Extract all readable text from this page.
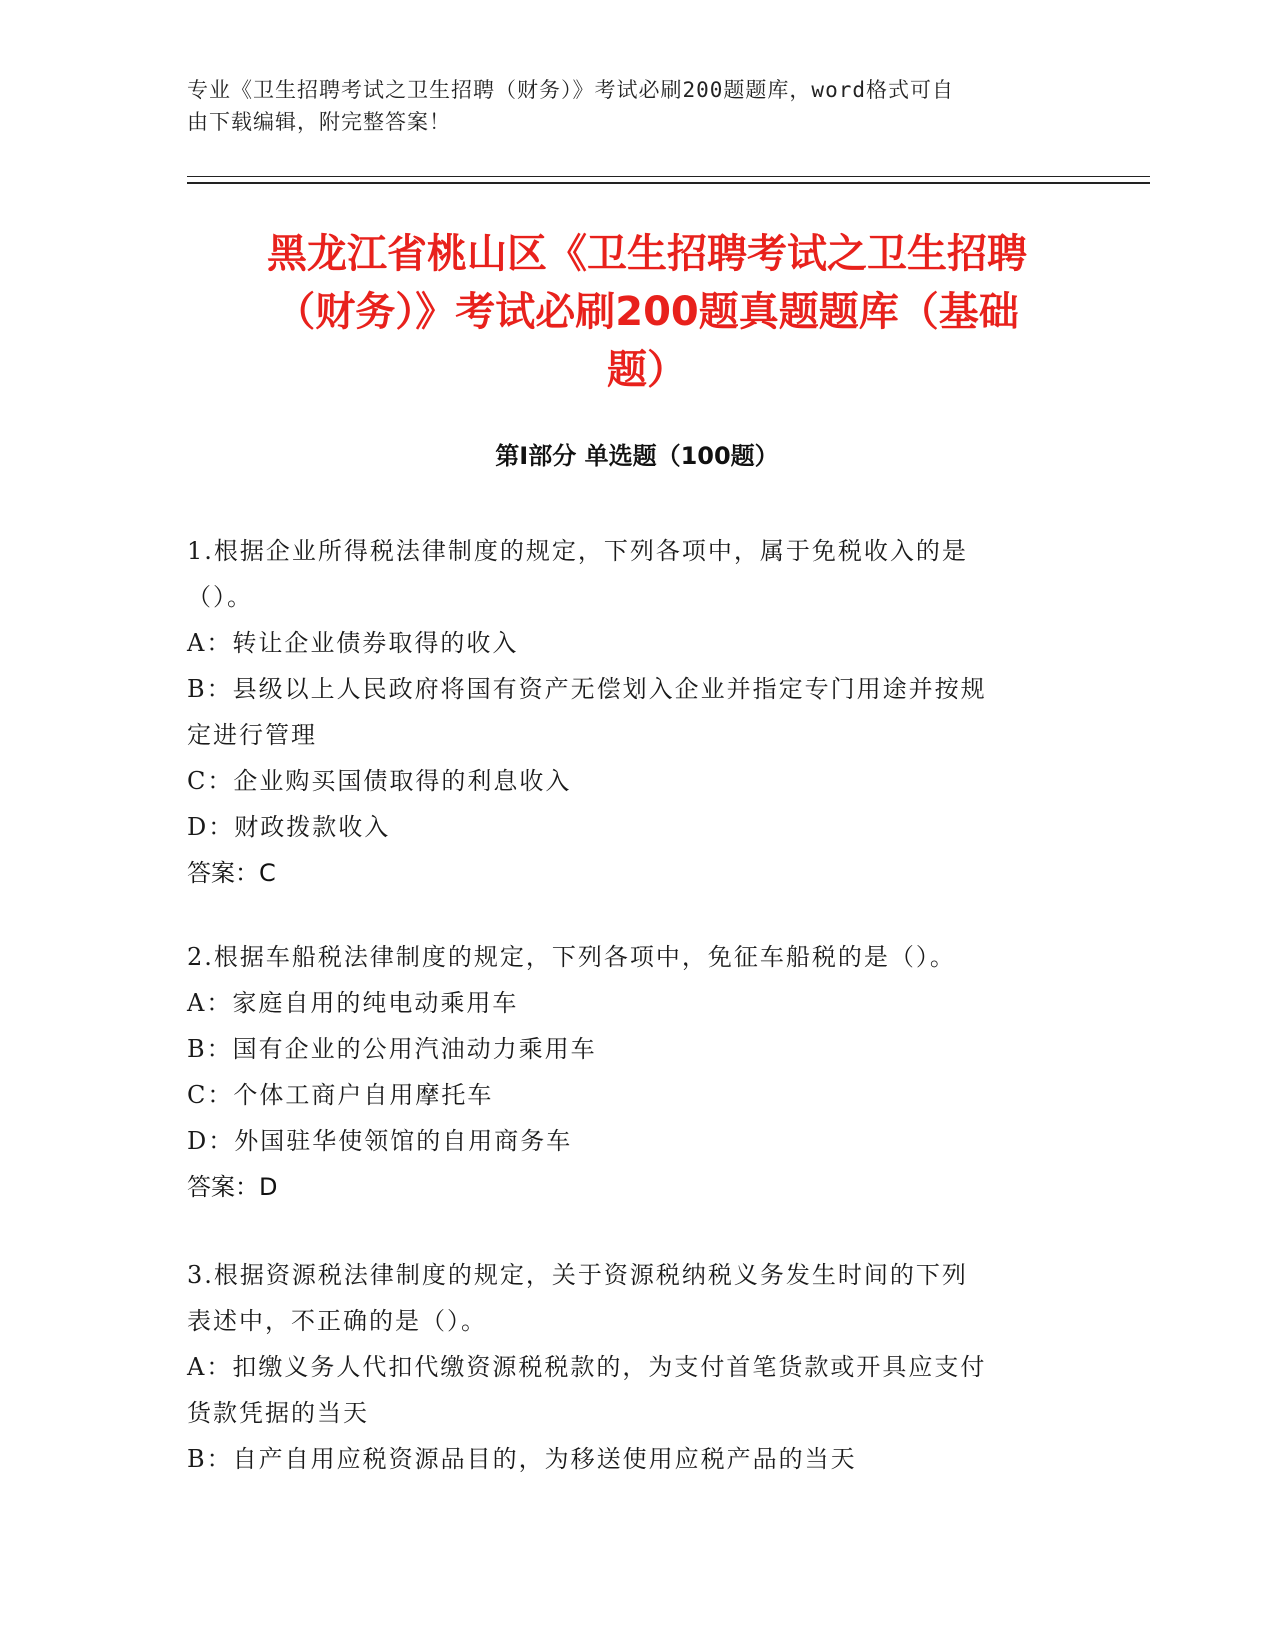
专业《卫生招聘考试之卫生招聘（财务）》考试必刷200题题库，word格式可自
由下载编辑，附完整答案！
黑龙江省桃山区《卫生招聘考试之卫生招聘
（财务）》考试必刷200题真题题库（基础
题）
第Ⅰ部分 单选题（100题）

1.根据企业所得税法律制度的规定，下列各项中，属于免税收入的是

（）。

A：转让企业债券取得的收入

B：县级以上人民政府将国有资产无偿划入企业并指定专门用途并按规

定进行管理

C：企业购买国债取得的利息收入

D：财政拨款收入

答案：C

2.根据车船税法律制度的规定，下列各项中，免征车船税的是（）。

A：家庭自用的纯电动乘用车

B：国有企业的公用汽油动力乘用车

C：个体工商户自用摩托车

D：外国驻华使领馆的自用商务车

答案：D

3.根据资源税法律制度的规定，关于资源税纳税义务发生时间的下列

表述中，不正确的是（）。

A：扣缴义务人代扣代缴资源税税款的，为支付首笔货款或开具应支付

货款凭据的当天

B：自产自用应税资源品目的，为移送使用应税产品的当天
